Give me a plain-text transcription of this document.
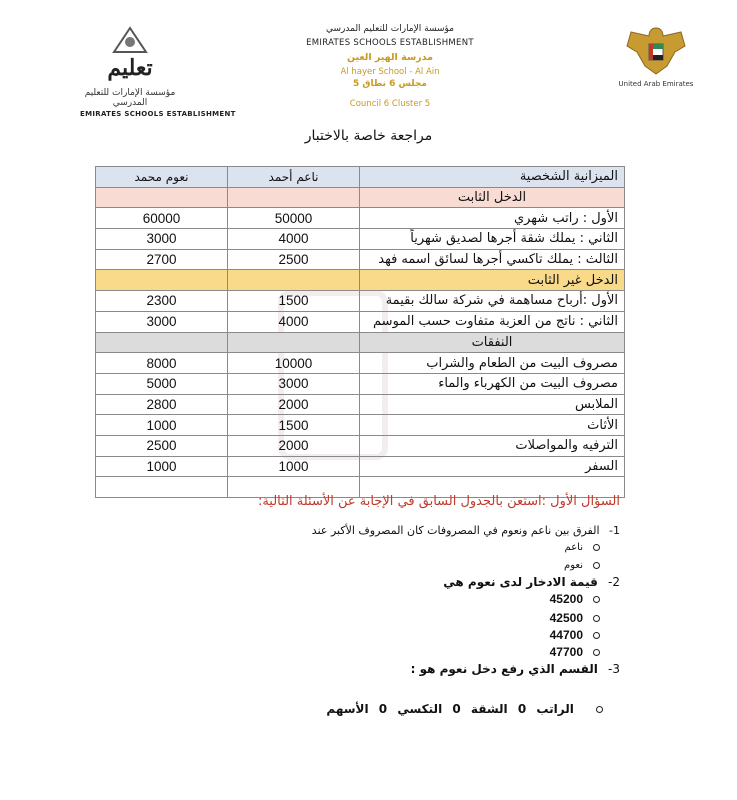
تعليم
مؤسسة الإمارات للتعليم المدرسي
EMIRATES SCHOOLS ESTABLISHMENT
مؤسسة الإمارات للتعليم المدرسي
EMIRATES SCHOOLS ESTABLISHMENT
مدرسة الهير العين
Al hayer School - Al Ain
مجلس 6 نطاق 5
Council 6 Cluster 5
United Arab Emirates
مراجعة خاصة بالاختبار
الميزانية الشخصية	ناعم أحمد	نعوم محمد
الدخل الثابت		
الأول : راتب شهري	50000	60000
الثاني : يملك شقة أجرها لصديق شهرياً	4000	3000
الثالث : يملك تاكسي أجرها لسائق اسمه فهد	2500	2700
الدخل غير الثابت		
الأول :أرباح مساهمة في شركة سالك بقيمة	1500	2300
الثاني : ناتج من العزبة متفاوت حسب الموسم	4000	3000
النفقات		
مصروف البيت من الطعام والشراب	10000	8000
مصروف البيت من الكهرباء والماء	3000	5000
الملابس	2000	2800
الأثاث	1500	1000
الترفيه والمواصلات	2000	2500
السفر	1000	1000

السؤال الأول :استعن بالجدول السابق في الإجابة عن الأسئلة التالية:
1- الفرق بين ناعم ونعوم في المصروفات كان المصروف الأكبر عند
ناعم
نعوم
2- قيمة الادخار لدى نعوم هي
45200
42500
44700
47700
3- القسم الذي رفع دخل نعوم هو :
الراتب 0 الشقة 0 التكسي 0 الأسهم
